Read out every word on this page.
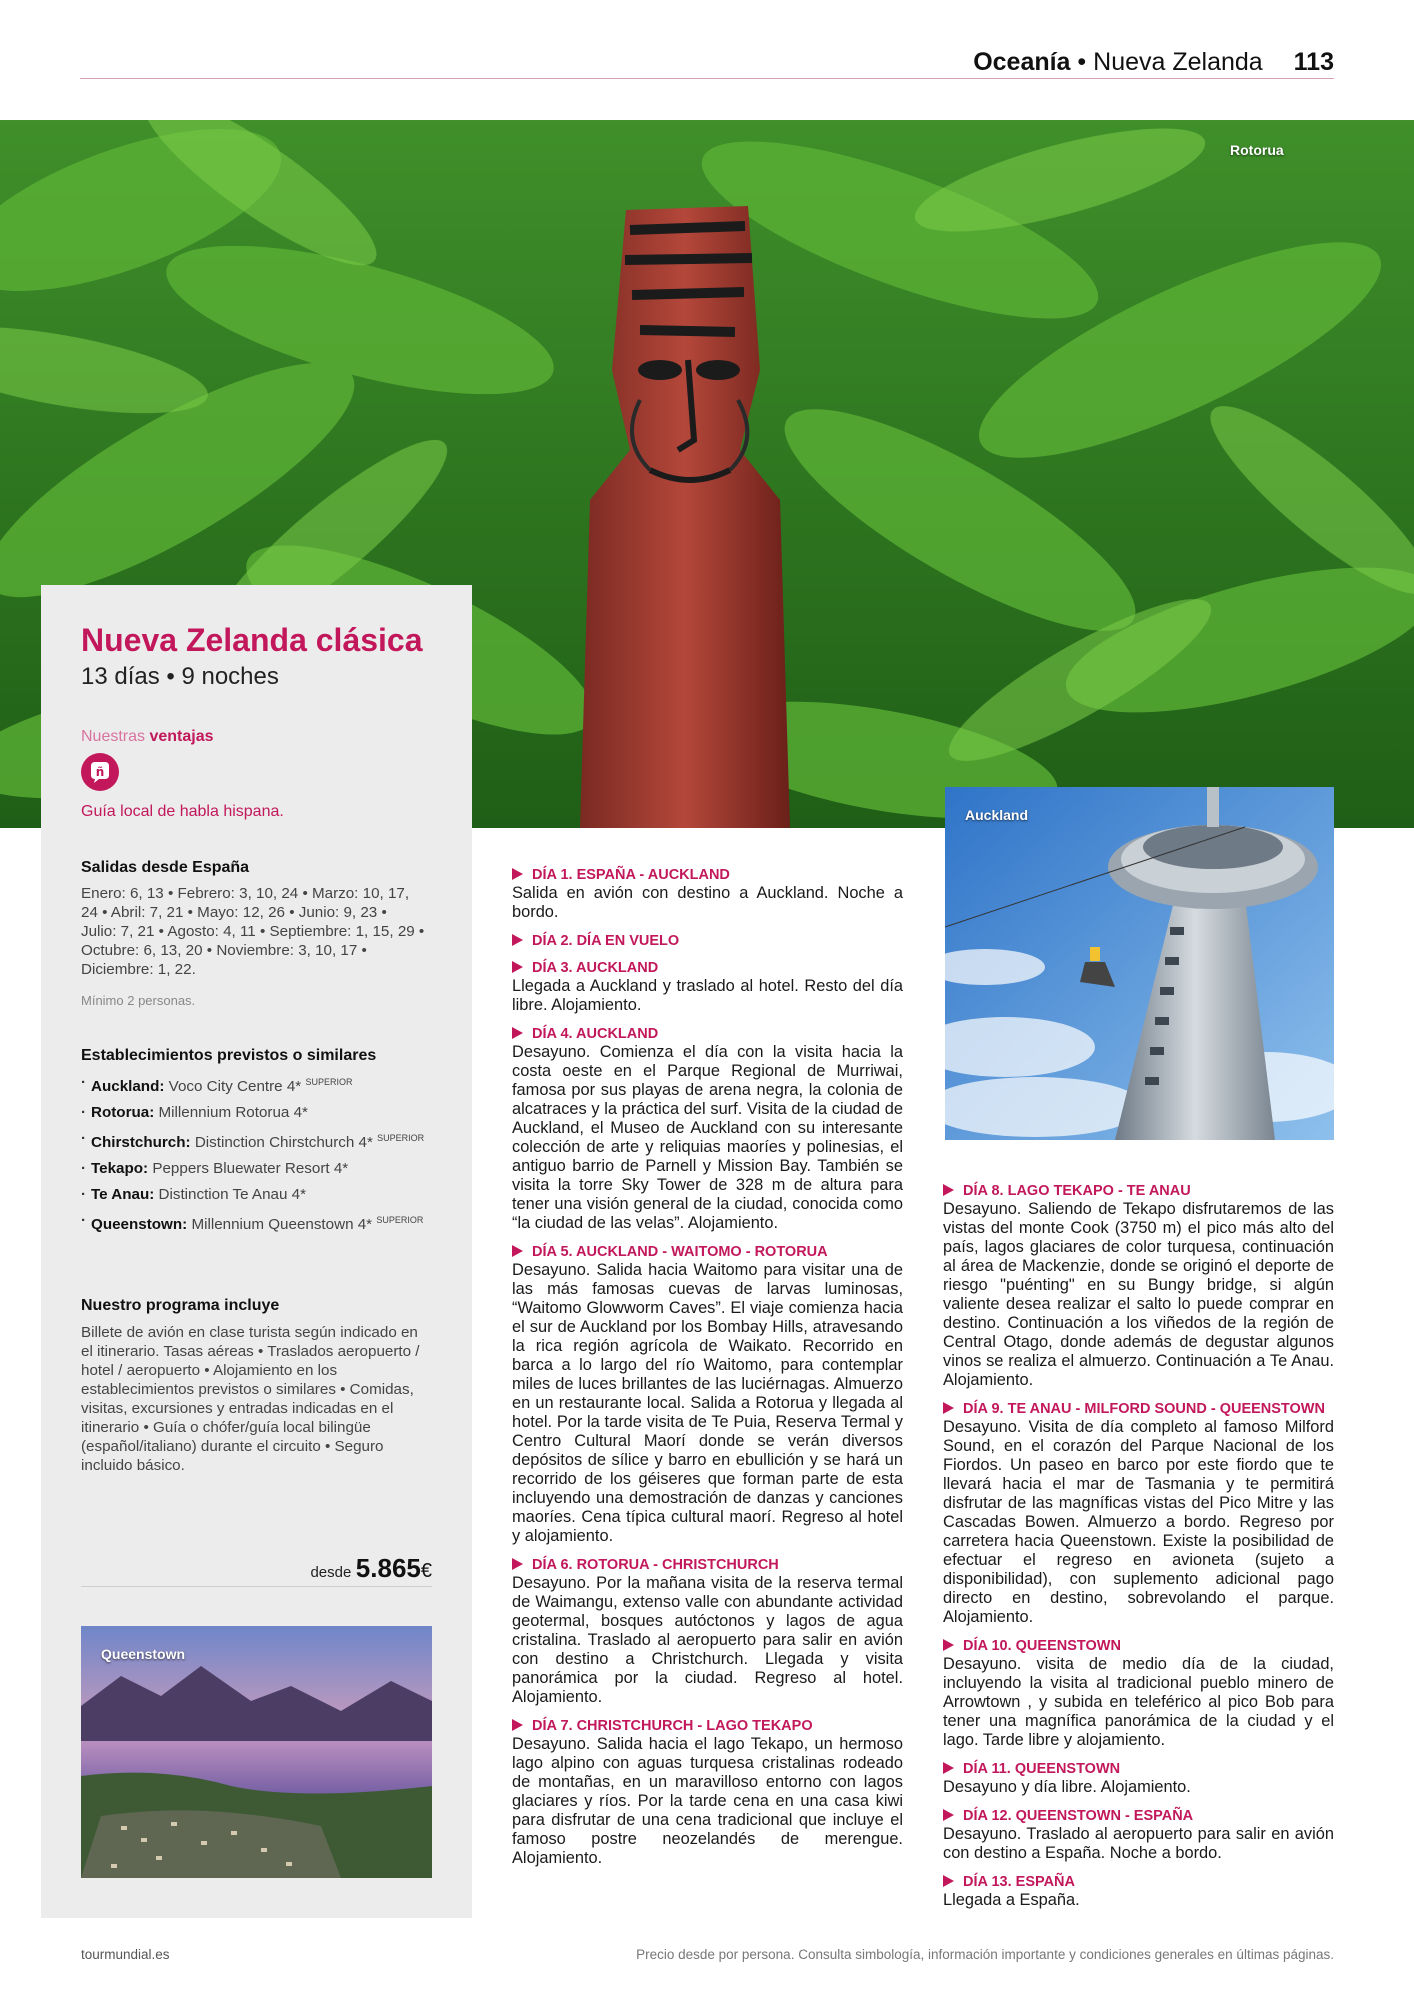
Oceanía • Nueva Zelanda 113
Rotorua
Nueva Zelanda clásica
13 días • 9 noches
Nuestras ventajas
ñ
Guía local de habla hispana.
Salidas desde España
Enero: 6, 13 • Febrero: 3, 10, 24 • Marzo: 10, 17, 24 • Abril: 7, 21 • Mayo: 12, 26 • Junio: 9, 23 • Julio: 7, 21 • Agosto: 4, 11 • Septiembre: 1, 15, 29 • Octubre: 6, 13, 20 • Noviembre: 3, 10, 17 • Diciembre: 1, 22.
Mínimo 2 personas.
Establecimientos previstos o similares
· Auckland: Voco City Centre 4* $^{SUPERIOR}$
· Rotorua: Millennium Rotorua 4*
· Chirstchurch: Distinction Chirstchurch 4* $^{SUPERIOR}$
· Tekapo: Peppers Bluewater Resort 4*
· Te Anau: Distinction Te Anau 4*
· Queenstown: Millennium Queenstown 4* $^{SUPERIOR}$
Nuestro programa incluye
Billete de avión en clase turista según indicado en el itinerario. Tasas aéreas • Traslados aeropuerto / hotel / aeropuerto • Alojamiento en los establecimientos previstos o similares • Comidas, visitas, excursiones y entradas indicadas en el itinerario • Guía o chófer/guía local bilingüe (español/italiano) durante el circuito • Seguro incluido básico.
desde 5.865€
Queenstown
Auckland
DÍA 1. ESPAÑA - AUCKLAND
Salida en avión con destino a Auckland. Noche a bordo.
DÍA 2. DÍA EN VUELO
DÍA 3. AUCKLAND
Llegada a Auckland y traslado al hotel. Resto del día libre. Alojamiento.
DÍA 4. AUCKLAND
Desayuno. Comienza el día con la visita hacia la costa oeste en el Parque Regional de Murriwai, famosa por sus playas de arena negra, la colonia de alcatraces y la práctica del surf. Visita de la ciudad de Auckland, el Museo de Auckland con su interesante colección de arte y reliquias maoríes y polinesias, el antiguo barrio de Parnell y Mission Bay. También se visita la torre Sky Tower de 328 m de altura para tener una visión general de la ciudad, conocida como “la ciudad de las velas”. Alojamiento.
DÍA 5. AUCKLAND - WAITOMO - ROTORUA
Desayuno. Salida hacia Waitomo para visitar una de las más famosas cuevas de larvas luminosas, “Waitomo Glowworm Caves”. El viaje comienza hacia el sur de Auckland por los Bombay Hills, atravesando la rica región agrícola de Waikato. Recorrido en barca a lo largo del río Waitomo, para contemplar miles de luces brillantes de las luciérnagas. Almuerzo en un restaurante local. Salida a Rotorua y llegada al hotel. Por la tarde visita de Te Puia, Reserva Termal y Centro Cultural Maorí donde se verán diversos depósitos de sílice y barro en ebullición y se hará un recorrido de los géiseres que forman parte de esta incluyendo una demostración de danzas y canciones maoríes. Cena típica cultural maorí. Regreso al hotel y alojamiento.
DÍA 6. ROTORUA - CHRISTCHURCH
Desayuno. Por la mañana visita de la reserva termal de Waimangu, extenso valle con abundante actividad geotermal, bosques autóctonos y lagos de agua cristalina. Traslado al aeropuerto para salir en avión con destino a Christchurch. Llegada y visita panorámica por la ciudad. Regreso al hotel. Alojamiento.
DÍA 7. CHRISTCHURCH - LAGO TEKAPO
Desayuno. Salida hacia el lago Tekapo, un hermoso lago alpino con aguas turquesa cristalinas rodeado de montañas, en un maravilloso entorno con lagos glaciares y ríos. Por la tarde cena en una casa kiwi para disfrutar de una cena tradicional que incluye el famoso postre neozelandés de merengue. Alojamiento.
DÍA 8. LAGO TEKAPO - TE ANAU
Desayuno. Saliendo de Tekapo disfrutaremos de las vistas del monte Cook (3750 m) el pico más alto del país, lagos glaciares de color turquesa, continuación al área de Mackenzie, donde se originó el deporte de riesgo "puénting" en su Bungy bridge, si algún valiente desea realizar el salto lo puede comprar en destino. Continuación a los viñedos de la región de Central Otago, donde además de degustar algunos vinos se realiza el almuerzo. Continuación a Te Anau. Alojamiento.
DÍA 9. TE ANAU - MILFORD SOUND - QUEENSTOWN
Desayuno. Visita de día completo al famoso Milford Sound, en el corazón del Parque Nacional de los Fiordos. Un paseo en barco por este fiordo que te llevará hacia el mar de Tasmania y te permitirá disfrutar de las magníficas vistas del Pico Mitre y las Cascadas Bowen. Almuerzo a bordo. Regreso por carretera hacia Queenstown. Existe la posibilidad de efectuar el regreso en avioneta (sujeto a disponibilidad), con suplemento adicional pago directo en destino, sobrevolando el parque. Alojamiento.
DÍA 10. QUEENSTOWN
Desayuno. visita de medio día de la ciudad, incluyendo la visita al tradicional pueblo minero de Arrowtown , y subida en teleférico al pico Bob para tener una magnífica panorámica de la ciudad y el lago. Tarde libre y alojamiento.
DÍA 11. QUEENSTOWN
Desayuno y día libre. Alojamiento.
DÍA 12. QUEENSTOWN - ESPAÑA
Desayuno. Traslado al aeropuerto para salir en avión con destino a España. Noche a bordo.
DÍA 13. ESPAÑA
Llegada a España.
tourmundial.es	Precio desde por persona. Consulta simbología, información importante y condiciones generales en últimas páginas.
